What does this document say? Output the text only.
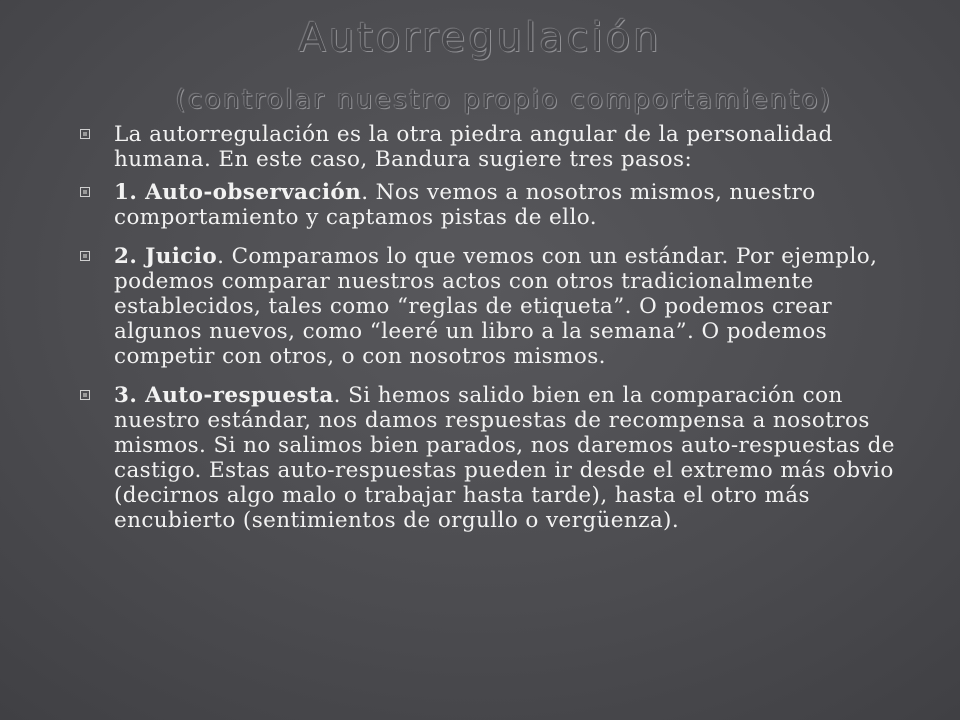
Autorregulación
(controlar nuestro propio comportamiento)
La autorregulación es la otra piedra angular de la personalidad humana. En este caso, Bandura sugiere tres pasos:
1. Auto-observación. Nos vemos a nosotros mismos, nuestro comportamiento y captamos pistas de ello.
2. Juicio. Comparamos lo que vemos con un estándar. Por ejemplo, podemos comparar nuestros actos con otros tradicionalmente establecidos, tales como “reglas de etiqueta”. O podemos crear algunos nuevos, como “leeré un libro a la semana”. O podemos competir con otros, o con nosotros mismos.
3. Auto-respuesta. Si hemos salido bien en la comparación con nuestro estándar, nos damos respuestas de recompensa a nosotros mismos. Si no salimos bien parados, nos daremos auto-respuestas de castigo. Estas auto-respuestas pueden ir desde el extremo más obvio (decirnos algo malo o trabajar hasta tarde), hasta el otro más encubierto (sentimientos de orgullo o vergüenza).
